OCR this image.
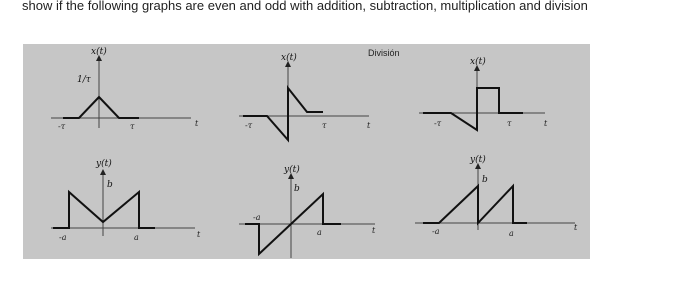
show if the following graphs are even and odd with addition, subtraction, multiplication and division
x(t)
1/τ
-τ	τ	t
y(t)
b
-a	a	t
x(t)
-τ	τ	t
y(t)
b
-a
a	t
División
x(t)
-τ	τ	t
y(t)
b
-a	a
t
